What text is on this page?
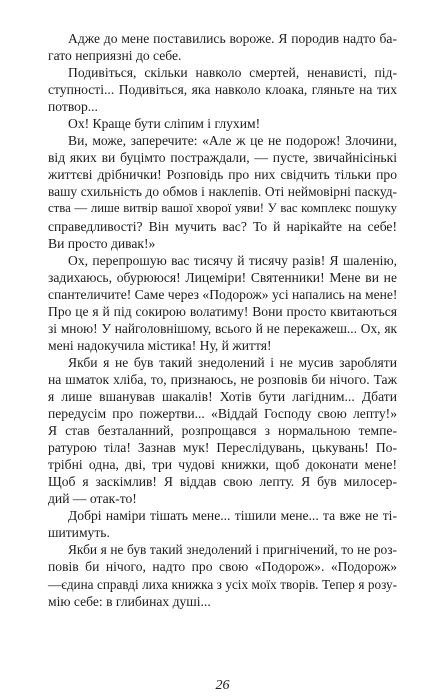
Адже до мене поставились вороже. Я породив надто ба-
гато неприязні до себе.
Подивіться, скільки навколо смертей, ненависті, під-
ступності... Подивіться, яка навколо клоака, гляньте на тих
потвор...
Ох! Краще бути сліпим і глухим!
Ви, може, заперечите: «Але ж це не подорож! Злочини,
від яких ви буцімто постраждали, — пусте, звичайнісінькі
життєві дрібнички! Розповідь про них свідчить тільки про
вашу схильність до обмов і наклепів. Оті неймовірні паскуд-
ства — лише витвір вашої хворої уяви! У вас комплекс пошуку
справедливості? Він мучить вас? То й нарікайте на себе!
Ви просто дивак!»
Ох, перепрошую вас тисячу й тисячу разів! Я шаленію,
задихаюсь, обурююся! Лицеміри! Святенники! Мене ви не
спантеличите! Саме через «Подорож» усі напались на мене!
Про це я й під сокирою волатиму! Вони просто квитаються
зі мною! У найголовнішому, всього й не перекажеш... Ох, як
мені надокучила містика! Ну, й життя!
Якби я не був такий знедолений і не мусив заробляти
на шматок хліба, то, признаюсь, не розповів би нічого. Таж
я лише вшанував шакалів! Хотів бути лагідним... Дбати
передусім про пожертви... «Віддай Господу свою лепту!»
Я став безталанний, розпрощався з нормальною темпе-
ратурою тіла! Зазнав мук! Переслідувань, цькувань! По-
трібні одна, дві, три чудові книжки, щоб доконати мене!
Щоб я заскімлив! Я віддав свою лепту. Я був милосер-
дий — отак-то!
Добрі наміри тішать мене... тішили мене... та вже не ті-
шитимуть.
Якби я не був такий знедолений і пригнічений, то не роз-
повів би нічого, надто про свою «Подорож». «Подорож»
—єдина справді лиха книжка з усіх моїх творів. Тепер я розу-
мію себе: в глибинах душі...
26
